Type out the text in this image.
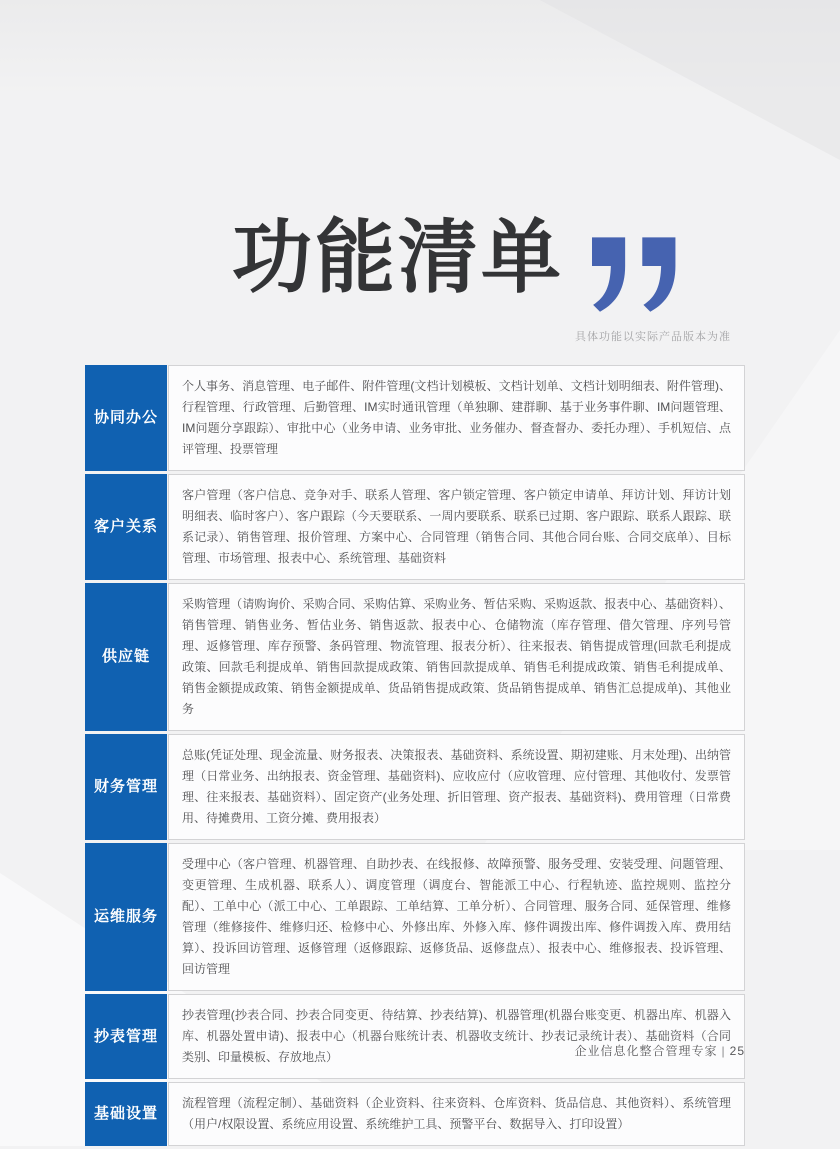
功能清单
具体功能以实际产品版本为准
协同办公
个人事务、消息管理、电子邮件、附件管理(文档计划模板、文档计划单、文档计划明细表、附件管理)、行程管理、行政管理、后勤管理、IM实时通讯管理（单独聊、建群聊、基于业务事件聊、IM问题管理、IM问题分享跟踪）、审批中心（业务申请、业务审批、业务催办、督查督办、委托办理）、手机短信、点评管理、投票管理
客户关系
客户管理（客户信息、竞争对手、联系人管理、客户锁定管理、客户锁定申请单、拜访计划、拜访计划明细表、临时客户）、客户跟踪（今天要联系、一周内要联系、联系已过期、客户跟踪、联系人跟踪、联系记录）、销售管理、报价管理、方案中心、合同管理（销售合同、其他合同台账、合同交底单）、目标管理、市场管理、报表中心、系统管理、基础资料
供应链
采购管理（请购询价、采购合同、采购估算、采购业务、暂估采购、采购返款、报表中心、基础资料）、销售管理、销售业务、暂估业务、销售返款、报表中心、仓储物流（库存管理、借欠管理、序列号管理、返修管理、库存预警、条码管理、物流管理、报表分析）、往来报表、销售提成管理(回款毛利提成政策、回款毛利提成单、销售回款提成政策、销售回款提成单、销售毛利提成政策、销售毛利提成单、销售金额提成政策、销售金额提成单、货品销售提成政策、货品销售提成单、销售汇总提成单)、其他业务
财务管理
总账(凭证处理、现金流量、财务报表、决策报表、基础资料、系统设置、期初建账、月末处理)、出纳管理（日常业务、出纳报表、资金管理、基础资料)、应收应付（应收管理、应付管理、其他收付、发票管理、往来报表、基础资料）、固定资产(业务处理、折旧管理、资产报表、基础资料)、费用管理（日常费用、待摊费用、工资分摊、费用报表）
运维服务
受理中心（客户管理、机器管理、自助抄表、在线报修、故障预警、服务受理、安装受理、问题管理、变更管理、生成机器、联系人）、调度管理（调度台、智能派工中心、行程轨迹、监控规则、监控分配）、工单中心（派工中心、工单跟踪、工单结算、工单分析）、合同管理、服务合同、延保管理、维修管理（维修接件、维修归还、检修中心、外修出库、外修入库、修件调拨出库、修件调拨入库、费用结算）、投诉回访管理、返修管理（返修跟踪、返修货品、返修盘点）、报表中心、维修报表、投诉管理、回访管理
抄表管理
抄表管理(抄表合同、抄表合同变更、待结算、抄表结算)、机器管理(机器台账变更、机器出库、机器入库、机器处置申请)、报表中心（机器台账统计表、机器收支统计、抄表记录统计表）、基础资料（合同类别、印量模板、存放地点）
基础设置
流程管理（流程定制）、基础资料（企业资料、往来资料、仓库资料、货品信息、其他资料）、系统管理（用户/权限设置、系统应用设置、系统维护工具、预警平台、数据导入、打印设置）
企业信息化整合管理专家 | 25
